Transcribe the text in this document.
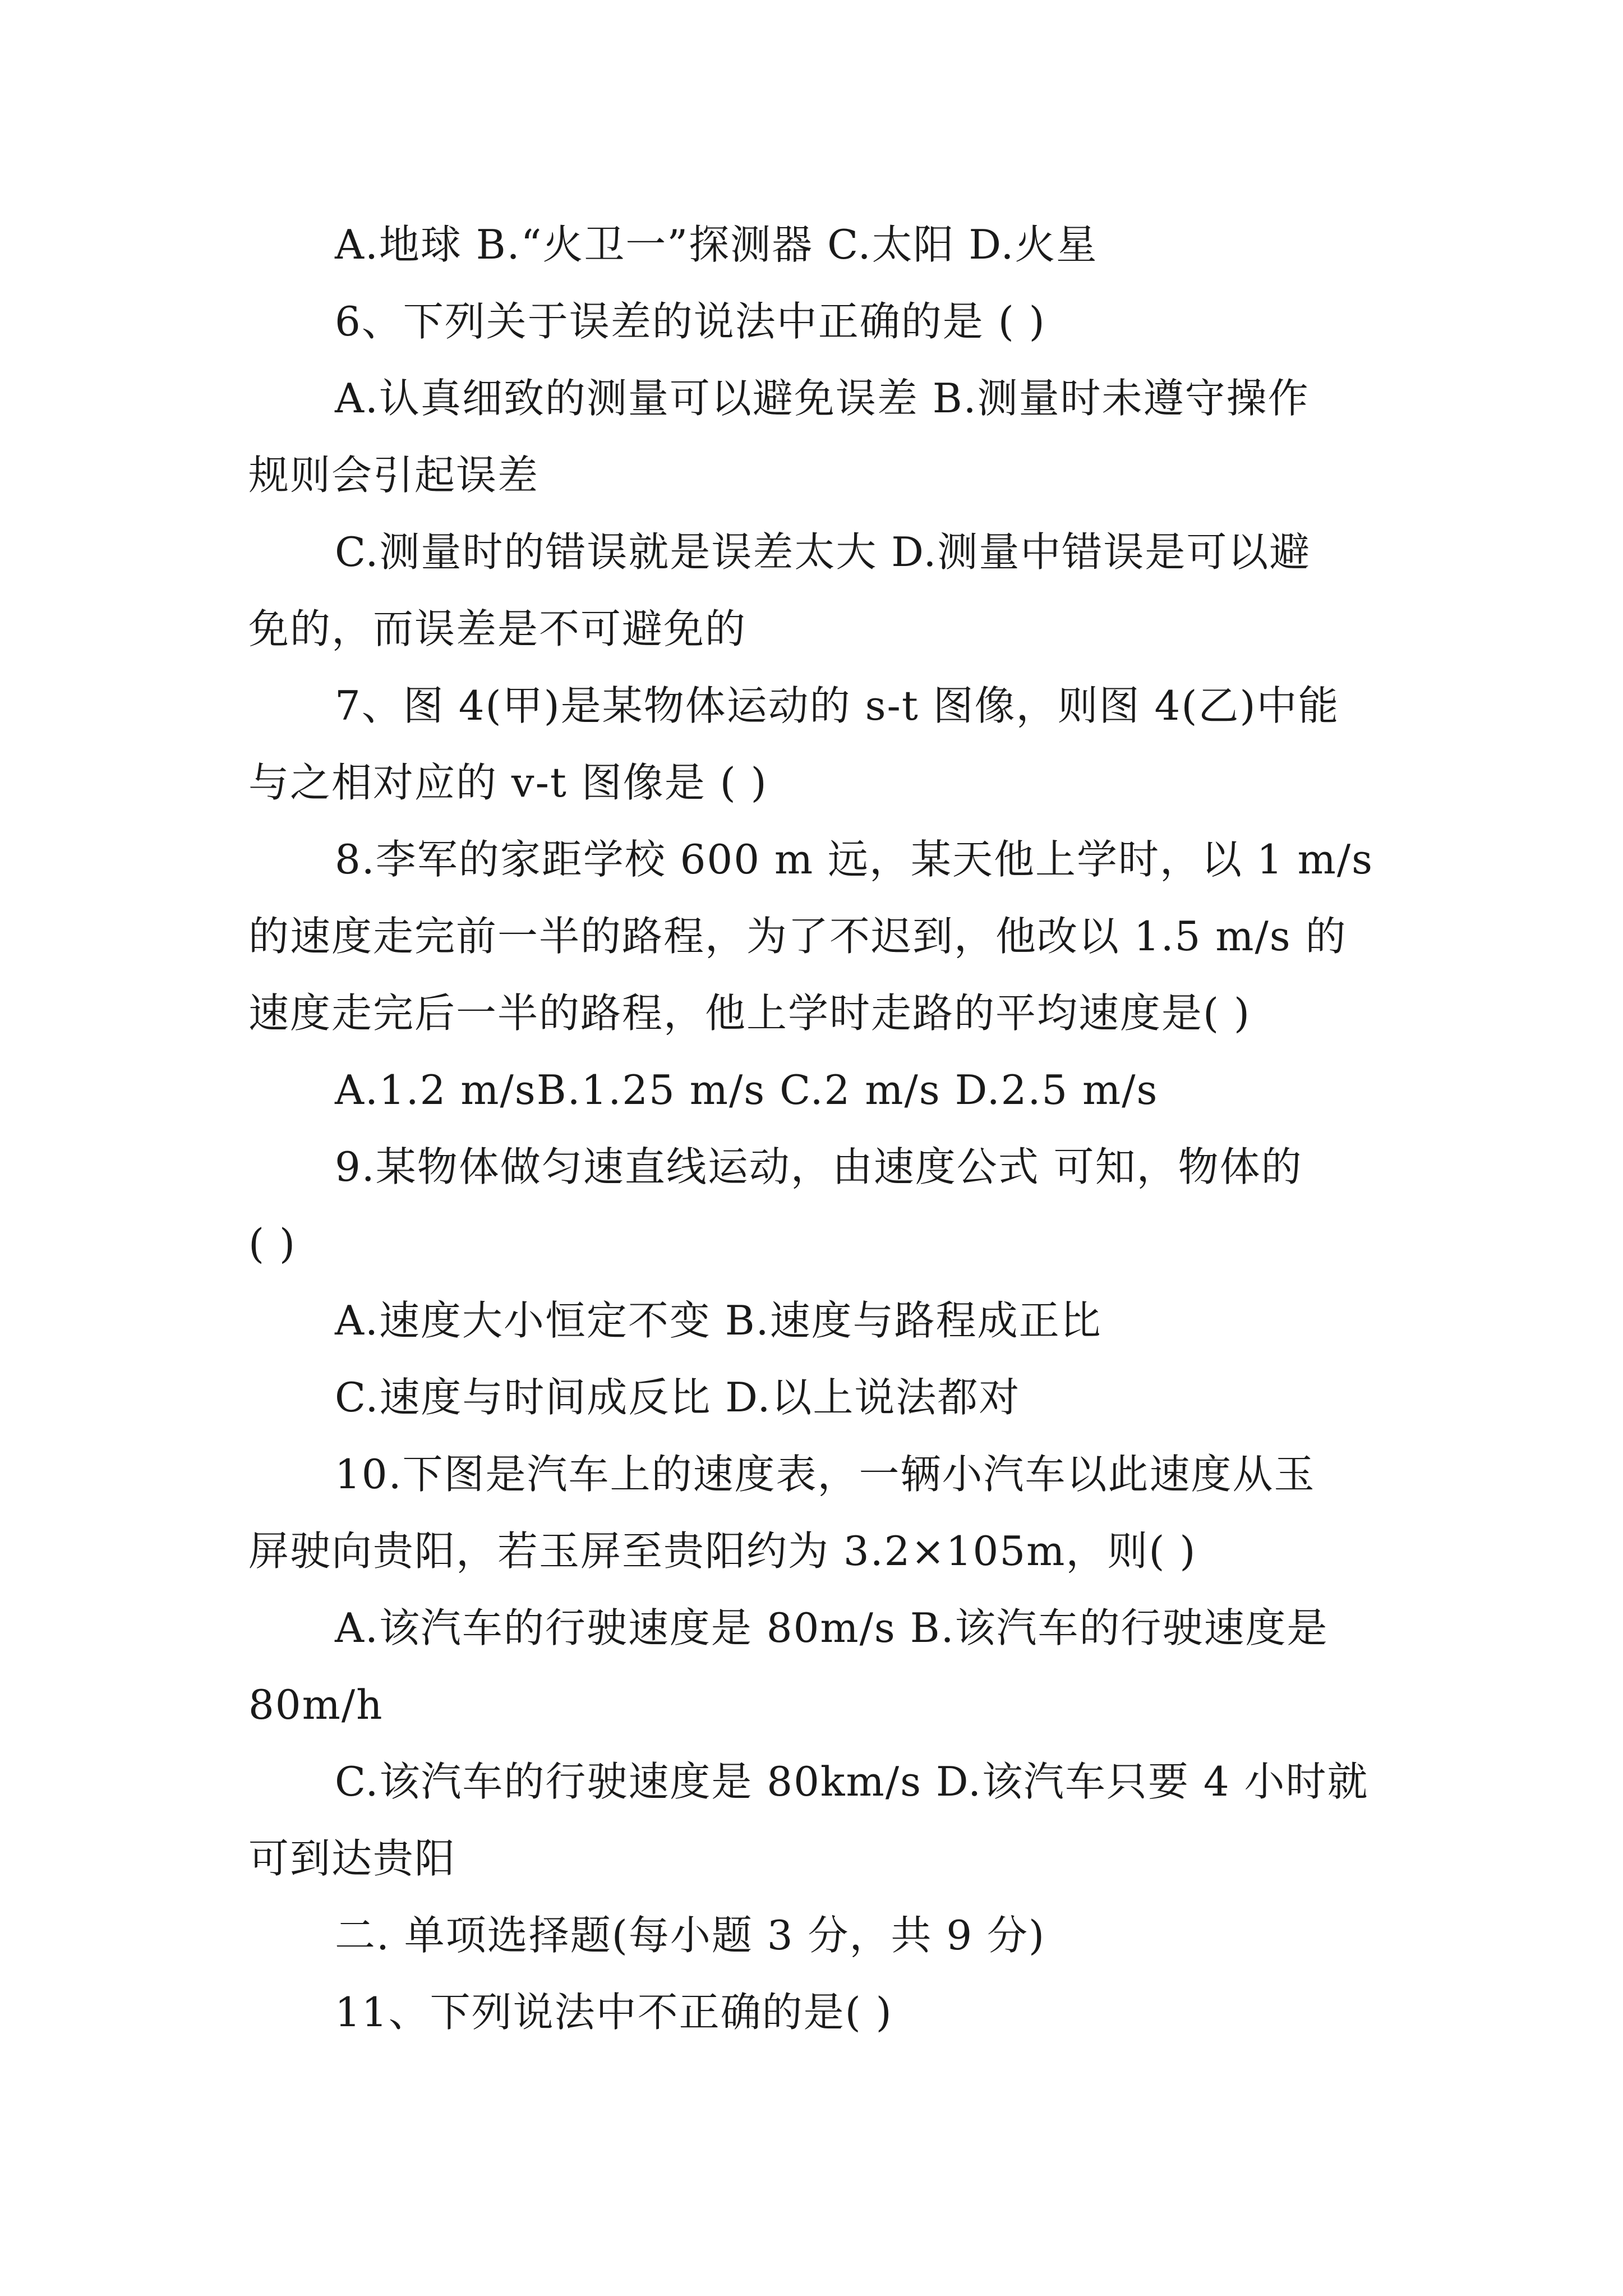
A.地球 B.“火卫一”探测器 C.太阳 D.火星
6、下列关于误差的说法中正确的是 ( )
A.认真细致的测量可以避免误差 B.测量时未遵守操作
规则会引起误差
C.测量时的错误就是误差太大 D.测量中错误是可以避
免的，而误差是不可避免的
7、图 4(甲)是某物体运动的 s-t 图像，则图 4(乙)中能
与之相对应的 v-t 图像是 ( )
8.李军的家距学校 600 m 远，某天他上学时，以 1 m/s
的速度走完前一半的路程，为了不迟到，他改以 1.5 m/s 的
速度走完后一半的路程，他上学时走路的平均速度是( )
A.1.2 m/sB.1.25 m/s C.2 m/s D.2.5 m/s
9.某物体做匀速直线运动，由速度公式 可知，物体的
( )
A.速度大小恒定不变 B.速度与路程成正比
C.速度与时间成反比 D.以上说法都对
10.下图是汽车上的速度表，一辆小汽车以此速度从玉
屏驶向贵阳，若玉屏至贵阳约为 3.2×105m，则( )
A.该汽车的行驶速度是 80m/s B.该汽车的行驶速度是
80m/h
C.该汽车的行驶速度是 80km/s D.该汽车只要 4 小时就
可到达贵阳
二. 单项选择题(每小题 3 分，共 9 分)
11、下列说法中不正确的是( )
